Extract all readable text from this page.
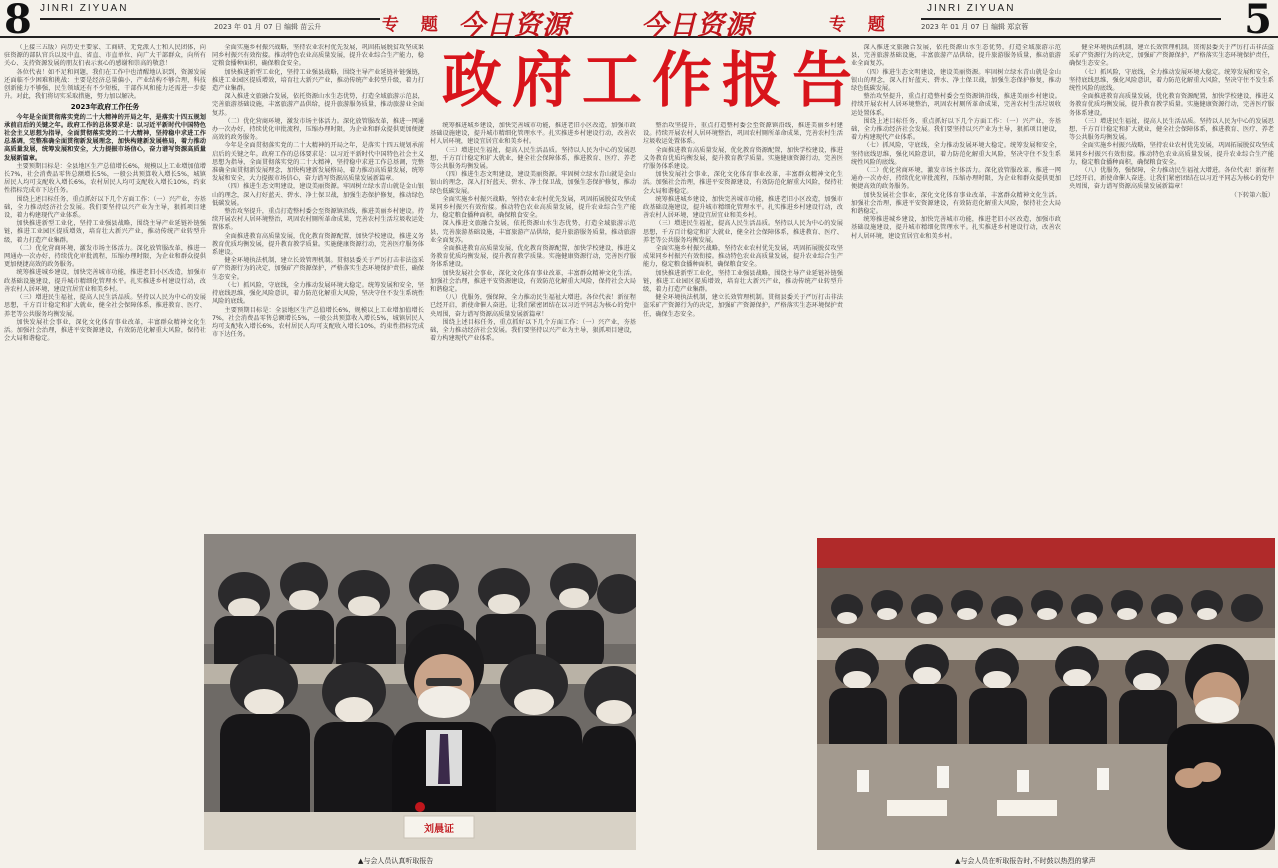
8 JINRI ZIYUAN
2023 年 01 月 07 日 编辑 苗云升	专 题 今日资源

（上接三五版）向历史主要家、工商研、无党派人士和人民团体，向驻资源的部队官兵以及中直、省直、市直单位、向广大干部群众，向所有关心、支持资源发展的朋友们表示衷心的感谢和崇高的敬意！

各位代表！如不足和问题，我们在工作中也清醒地认识到，资源发展还面临不少困难和挑战：主要是经济总量偏小，产业结构不够合理，科技创新能力不够强，民生领域还有不少短板，干部作风和能力还需进一步提升。对此，我们将切实采取措施，努力加以解决。

2023年政府工作任务

今年是全面贯彻落实党的二十大精神的开局之年，是落实十四五规划承前启后的关键之年。政府工作的总体要求是：以习近平新时代中国特色社会主义思想为指导，全面贯彻落实党的二十大精神，坚持稳中求进工作总基调，完整准确全面贯彻新发展理念，加快构建新发展格局，着力推动高质量发展，统筹发展和安全，大力提振市场信心，奋力谱写资源高质量发展新篇章。

主要预期目标是：全县地区生产总值增长6%，规模以上工业增加值增长7%，社会消费品零售总额增长5%，一般公共预算收入增长5%，城镇居民人均可支配收入增长6%，农村居民人均可支配收入增长10%，约束性指标完成市下达任务。

围绕上述目标任务，重点抓好以下几个方面工作：（一）兴产业，夯基础，全力推动经济社会发展。我们要坚持以兴产业为主导，狠抓项目建设，着力构建现代产业体系。

加快推进新型工业化，坚持工业强县战略，围绕主导产业延链补链强链，推进工业园区提质增效，培育壮大新兴产业，推动传统产业转型升级，着力打造产业集群。

（二）优化营商环境，激发市场主体活力。深化放管服改革，推进一网通办一次办好，持续优化审批流程，压缩办理时限，为企业和群众提供更加便捷高效的政务服务。

统筹推进城乡建设，加快完善城市功能，推进老旧小区改造，加强市政基础设施建设，提升城市精细化管理水平。扎实推进乡村建设行动，改善农村人居环境，建设宜居宜业和美乡村。

（三）增进民生福祉，提高人民生活品质。坚持以人民为中心的发展思想，千方百计稳定和扩大就业，健全社会保障体系，推进教育、医疗、养老等公共服务均衡发展。

加快发展社会事业，深化文化体育事业改革，丰富群众精神文化生活。加强社会治理，推进平安资源建设，有效防范化解重大风险，保持社会大局和谐稳定。

全面实施乡村振兴战略，坚持农业农村优先发展，巩固拓展脱贫攻坚成果同乡村振兴有效衔接。推动特色农业高质量发展，提升农业综合生产能力，稳定粮食播种面积，确保粮食安全。

加快推进新型工业化，坚持工业强县战略，围绕主导产业延链补链强链，推进工业园区提质增效，培育壮大新兴产业，推动传统产业转型升级，着力打造产业集群。

深入推进文旅融合发展，依托资源山水生态优势，打造全域旅游示范县，完善旅游基础设施，丰富旅游产品供给，提升旅游服务质量，推动旅游业全面复苏。

（二）优化营商环境，激发市场主体活力。深化放管服改革，推进一网通办一次办好，持续优化审批流程，压缩办理时限，为企业和群众提供更加便捷高效的政务服务。

今年是全面贯彻落实党的二十大精神的开局之年，是落实十四五规划承前启后的关键之年。政府工作的总体要求是：以习近平新时代中国特色社会主义思想为指导，全面贯彻落实党的二十大精神，坚持稳中求进工作总基调，完整准确全面贯彻新发展理念，加快构建新发展格局，着力推动高质量发展，统筹发展和安全，大力提振市场信心，奋力谱写资源高质量发展新篇章。

（四）推进生态文明建设，建设美丽资源。牢固树立绿水青山就是金山银山的理念，深入打好蓝天、碧水、净土保卫战，加强生态保护修复，推动绿色低碳发展。

整治攻坚提升，重点打造整村委会至资源镇沿线，推进美丽乡村建设。持续开展农村人居环境整治，巩固农村厕所革命成果，完善农村生活垃圾收运处置体系。

全面推进教育高质量发展，优化教育资源配置，加快学校建设，推进义务教育优质均衡发展，提升教育教学质量。实施健康资源行动，完善医疗服务体系建设。

健全环境执法机制，建立长效管理机制。贯彻县委关于严厉打击非法盗采矿产资源行为的决定，加强矿产资源保护，严格落实生态环境保护责任，确保生态安全。

（七）抓风险，守底线，全力推动发展环境大稳定。统筹发展和安全，坚持底线思维，强化风险意识，着力防范化解重大风险，坚决守住不发生系统性风险的底线。

主要预期目标是：全县地区生产总值增长6%，规模以上工业增加值增长7%，社会消费品零售总额增长5%，一般公共预算收入增长5%，城镇居民人均可支配收入增长6%，农村居民人均可支配收入增长10%，约束性指标完成市下达任务。

统筹推进城乡建设，加快完善城市功能，推进老旧小区改造，加强市政基础设施建设，提升城市精细化管理水平。扎实推进乡村建设行动，改善农村人居环境，建设宜居宜业和美乡村。

（三）增进民生福祉，提高人民生活品质。坚持以人民为中心的发展思想，千方百计稳定和扩大就业，健全社会保障体系，推进教育、医疗、养老等公共服务均衡发展。

（四）推进生态文明建设，建设美丽资源。牢固树立绿水青山就是金山银山的理念，深入打好蓝天、碧水、净土保卫战，加强生态保护修复，推动绿色低碳发展。

全面实施乡村振兴战略，坚持农业农村优先发展，巩固拓展脱贫攻坚成果同乡村振兴有效衔接。推动特色农业高质量发展，提升农业综合生产能力，稳定粮食播种面积，确保粮食安全。

深入推进文旅融合发展，依托资源山水生态优势，打造全域旅游示范县，完善旅游基础设施，丰富旅游产品供给，提升旅游服务质量，推动旅游业全面复苏。

全面推进教育高质量发展，优化教育资源配置，加快学校建设，推进义务教育优质均衡发展，提升教育教学质量。实施健康资源行动，完善医疗服务体系建设。

加快发展社会事业，深化文化体育事业改革，丰富群众精神文化生活。加强社会治理，推进平安资源建设，有效防范化解重大风险，保持社会大局和谐稳定。

（八）优服务，强保障，全力推动民生福祉大增进。各位代表！新征程已经开启，新使命催人奋进。让我们紧密团结在以习近平同志为核心的党中央周围，奋力谱写资源高质量发展新篇章！

围绕上述目标任务，重点抓好以下几个方面工作：（一）兴产业，夯基础，全力推动经济社会发展。我们要坚持以兴产业为主导，狠抓项目建设，着力构建现代产业体系。

刘晨证
▲与会人员认真听取报告
政府工作报告
今日资源	专 题
JINRI ZIYUAN
2023 年 01 月 07 日 编辑 郑京蓉	5

整治攻坚提升，重点打造整村委会至资源镇沿线，推进美丽乡村建设。持续开展农村人居环境整治，巩固农村厕所革命成果，完善农村生活垃圾收运处置体系。

全面推进教育高质量发展，优化教育资源配置，加快学校建设，推进义务教育优质均衡发展，提升教育教学质量。实施健康资源行动，完善医疗服务体系建设。

加快发展社会事业，深化文化体育事业改革，丰富群众精神文化生活。加强社会治理，推进平安资源建设，有效防范化解重大风险，保持社会大局和谐稳定。

统筹推进城乡建设，加快完善城市功能，推进老旧小区改造，加强市政基础设施建设，提升城市精细化管理水平。扎实推进乡村建设行动，改善农村人居环境，建设宜居宜业和美乡村。

（三）增进民生福祉，提高人民生活品质。坚持以人民为中心的发展思想，千方百计稳定和扩大就业，健全社会保障体系，推进教育、医疗、养老等公共服务均衡发展。

全面实施乡村振兴战略，坚持农业农村优先发展，巩固拓展脱贫攻坚成果同乡村振兴有效衔接。推动特色农业高质量发展，提升农业综合生产能力，稳定粮食播种面积，确保粮食安全。

加快推进新型工业化，坚持工业强县战略，围绕主导产业延链补链强链，推进工业园区提质增效，培育壮大新兴产业，推动传统产业转型升级，着力打造产业集群。

健全环境执法机制，建立长效管理机制。贯彻县委关于严厉打击非法盗采矿产资源行为的决定，加强矿产资源保护，严格落实生态环境保护责任，确保生态安全。

深入推进文旅融合发展，依托资源山水生态优势，打造全域旅游示范县，完善旅游基础设施，丰富旅游产品供给，提升旅游服务质量，推动旅游业全面复苏。

（四）推进生态文明建设，建设美丽资源。牢固树立绿水青山就是金山银山的理念，深入打好蓝天、碧水、净土保卫战，加强生态保护修复，推动绿色低碳发展。

整治攻坚提升，重点打造整村委会至资源镇沿线，推进美丽乡村建设。持续开展农村人居环境整治，巩固农村厕所革命成果，完善农村生活垃圾收运处置体系。

围绕上述目标任务，重点抓好以下几个方面工作：（一）兴产业，夯基础，全力推动经济社会发展。我们要坚持以兴产业为主导，狠抓项目建设，着力构建现代产业体系。

（七）抓风险，守底线，全力推动发展环境大稳定。统筹发展和安全，坚持底线思维，强化风险意识，着力防范化解重大风险，坚决守住不发生系统性风险的底线。

（二）优化营商环境，激发市场主体活力。深化放管服改革，推进一网通办一次办好，持续优化审批流程，压缩办理时限，为企业和群众提供更加便捷高效的政务服务。

加快发展社会事业，深化文化体育事业改革，丰富群众精神文化生活。加强社会治理，推进平安资源建设，有效防范化解重大风险，保持社会大局和谐稳定。

统筹推进城乡建设，加快完善城市功能，推进老旧小区改造，加强市政基础设施建设，提升城市精细化管理水平。扎实推进乡村建设行动，改善农村人居环境，建设宜居宜业和美乡村。

健全环境执法机制，建立长效管理机制。贯彻县委关于严厉打击非法盗采矿产资源行为的决定，加强矿产资源保护，严格落实生态环境保护责任，确保生态安全。

（七）抓风险，守底线，全力推动发展环境大稳定。统筹发展和安全，坚持底线思维，强化风险意识，着力防范化解重大风险，坚决守住不发生系统性风险的底线。

全面推进教育高质量发展，优化教育资源配置，加快学校建设，推进义务教育优质均衡发展，提升教育教学质量。实施健康资源行动，完善医疗服务体系建设。

（三）增进民生福祉，提高人民生活品质。坚持以人民为中心的发展思想，千方百计稳定和扩大就业，健全社会保障体系，推进教育、医疗、养老等公共服务均衡发展。

全面实施乡村振兴战略，坚持农业农村优先发展，巩固拓展脱贫攻坚成果同乡村振兴有效衔接。推动特色农业高质量发展，提升农业综合生产能力，稳定粮食播种面积，确保粮食安全。

（八）优服务，强保障，全力推动民生福祉大增进。各位代表！新征程已经开启，新使命催人奋进。让我们紧密团结在以习近平同志为核心的党中央周围，奋力谱写资源高质量发展新篇章！

（下转第六版）

▲与会人员在听取报告时,不时鼓以热烈的掌声
